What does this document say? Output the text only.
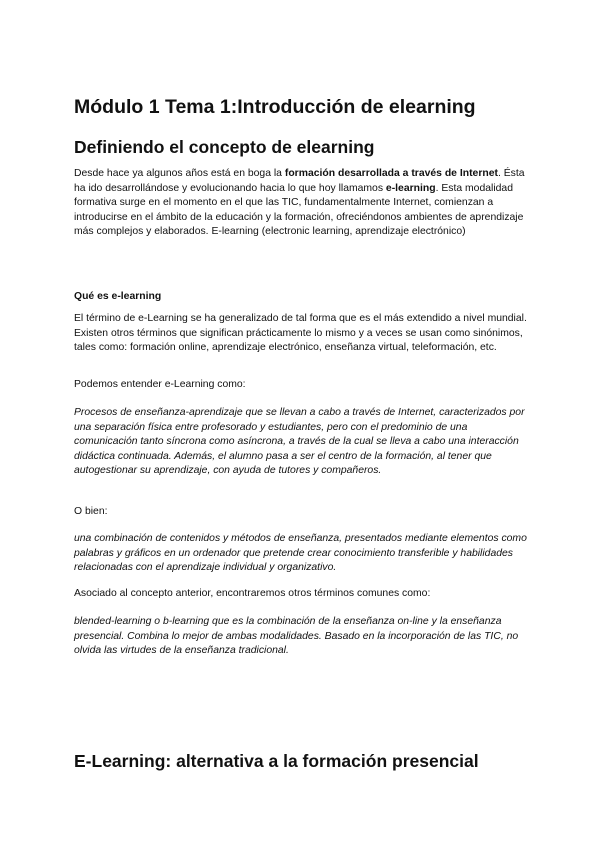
Módulo 1 Tema 1:Introducción de elearning
Definiendo el concepto de elearning

Desde hace ya algunos años está en boga la formación desarrollada a través de Internet. Ésta ha ido desarrollándose y evolucionando hacia lo que hoy llamamos e-learning. Esta modalidad formativa surge en el momento en el que las TIC, fundamentalmente Internet, comienzan a introducirse en el ámbito de la educación y la formación, ofreciéndonos ambientes de aprendizaje más complejos y elaborados. E-learning (electronic learning, aprendizaje electrónico)

Qué es e-learning

El término de e-Learning se ha generalizado de tal forma que es el más extendido a nivel mundial. Existen otros términos que significan prácticamente lo mismo y a veces se usan como sinónimos, tales como: formación online, aprendizaje electrónico, enseñanza virtual, teleformación, etc.

Podemos entender e-Learning como:

Procesos de enseñanza-aprendizaje que se llevan a cabo a través de Internet, caracterizados por una separación física entre profesorado y estudiantes, pero con el predominio de una comunicación tanto síncrona como asíncrona, a través de la cual se lleva a cabo una interacción didáctica continuada. Además, el alumno pasa a ser el centro de la formación, al tener que autogestionar su aprendizaje, con ayuda de tutores y compañeros.

O bien:

una combinación de contenidos y métodos de enseñanza, presentados mediante elementos como palabras y gráficos en un ordenador que pretende crear conocimiento transferible y habilidades relacionadas con el aprendizaje individual y organizativo.

Asociado al concepto anterior, encontraremos otros términos comunes como:

blended-learning o b-learning que es la combinación de la enseñanza on-line y la enseñanza presencial. Combina lo mejor de ambas modalidades. Basado en la incorporación de las TIC, no olvida las virtudes de la enseñanza tradicional.

E-Learning: alternativa a la formación presencial
